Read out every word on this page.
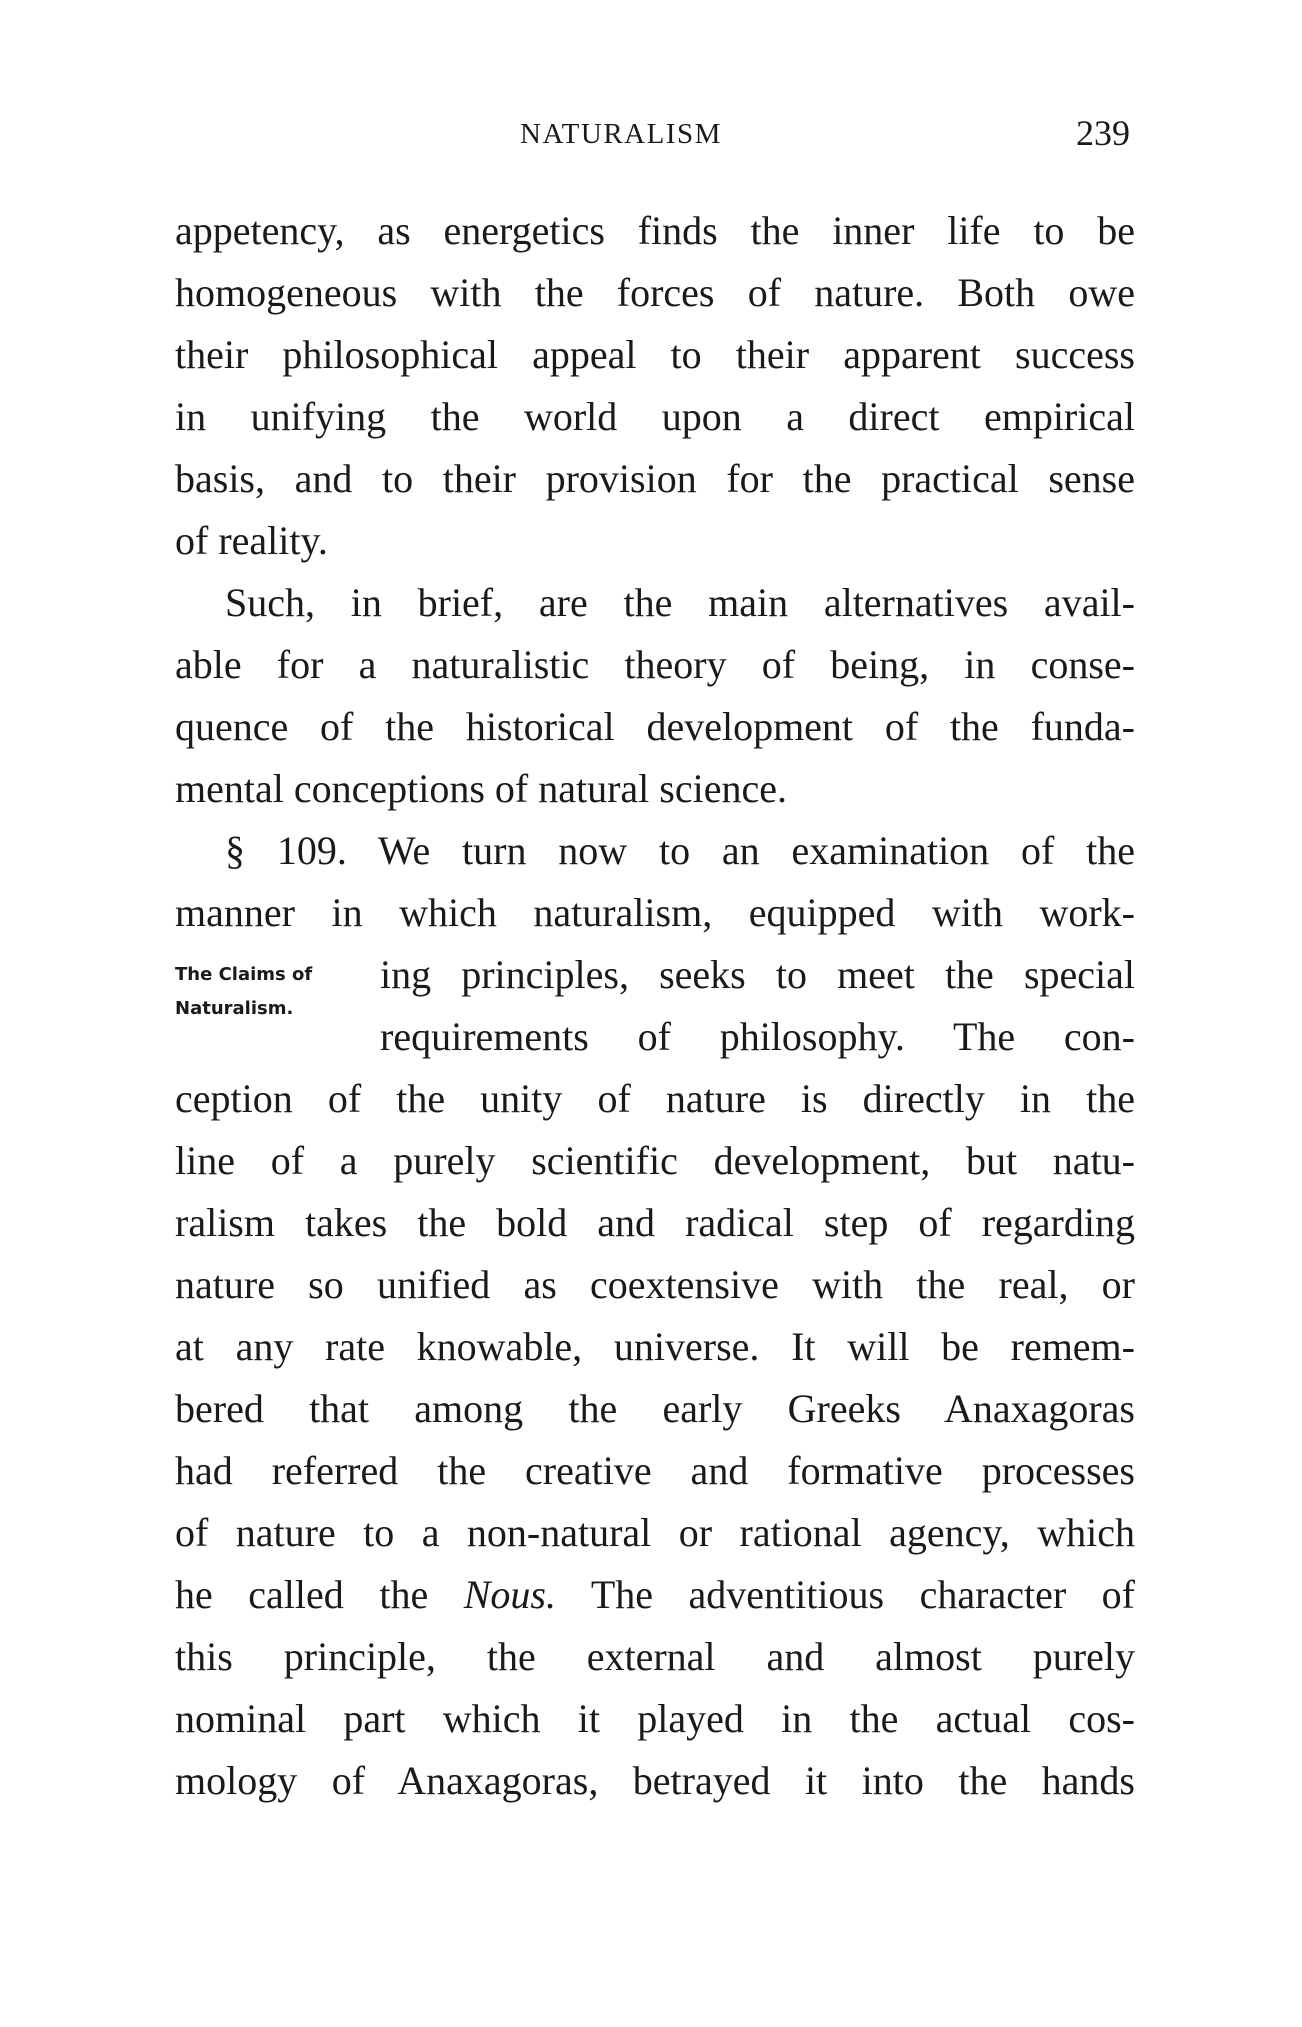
NATURALISM	239
appetency, as energetics finds the inner life to be
homogeneous with the forces of nature. Both owe
their philosophical appeal to their apparent success
in unifying the world upon a direct empirical
basis, and to their provision for the practical sense
of reality.
Such, in brief, are the main alternatives avail-
able for a naturalistic theory of being, in conse-
quence of the historical development of the funda-
mental conceptions of natural science.
§ 109. We turn now to an examination of the
manner in which naturalism, equipped with work-
The Claims of
Naturalism.
ing principles, seeks to meet the special
requirements of philosophy. The con-
ception of the unity of nature is directly in the
line of a purely scientific development, but natu-
ralism takes the bold and radical step of regarding
nature so unified as coextensive with the real, or
at any rate knowable, universe. It will be remem-
bered that among the early Greeks Anaxagoras
had referred the creative and formative processes
of nature to a non-natural or rational agency, which
he called the Nous. The adventitious character of
this principle, the external and almost purely
nominal part which it played in the actual cos-
mology of Anaxagoras, betrayed it into the hands
